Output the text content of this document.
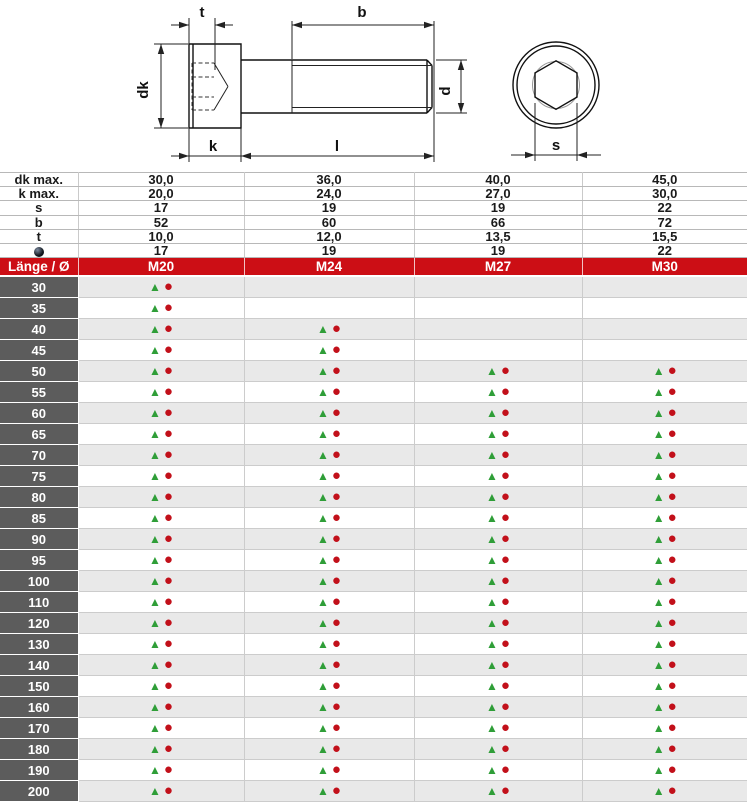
t	b
dk	d
k	l	s
dk max.	30,0	36,0	40,0	45,0
k max.	20,0	24,0	27,0	30,0
s	17	19	19	22
b	52	60	66	72
t	10,0	12,0	13,5	15,5
	17	19	19	22
Länge / Ø	M20	M24	M27	M30
30	▲ ●			
35	▲ ●			
40	▲ ●	▲ ●		
45	▲ ●	▲ ●		
50	▲ ●	▲ ●	▲ ●	▲ ●
55	▲ ●	▲ ●	▲ ●	▲ ●
60	▲ ●	▲ ●	▲ ●	▲ ●
65	▲ ●	▲ ●	▲ ●	▲ ●
70	▲ ●	▲ ●	▲ ●	▲ ●
75	▲ ●	▲ ●	▲ ●	▲ ●
80	▲ ●	▲ ●	▲ ●	▲ ●
85	▲ ●	▲ ●	▲ ●	▲ ●
90	▲ ●	▲ ●	▲ ●	▲ ●
95	▲ ●	▲ ●	▲ ●	▲ ●
100	▲ ●	▲ ●	▲ ●	▲ ●
110	▲ ●	▲ ●	▲ ●	▲ ●
120	▲ ●	▲ ●	▲ ●	▲ ●
130	▲ ●	▲ ●	▲ ●	▲ ●
140	▲ ●	▲ ●	▲ ●	▲ ●
150	▲ ●	▲ ●	▲ ●	▲ ●
160	▲ ●	▲ ●	▲ ●	▲ ●
170	▲ ●	▲ ●	▲ ●	▲ ●
180	▲ ●	▲ ●	▲ ●	▲ ●
190	▲ ●	▲ ●	▲ ●	▲ ●
200	▲ ●	▲ ●	▲ ●	▲ ●
